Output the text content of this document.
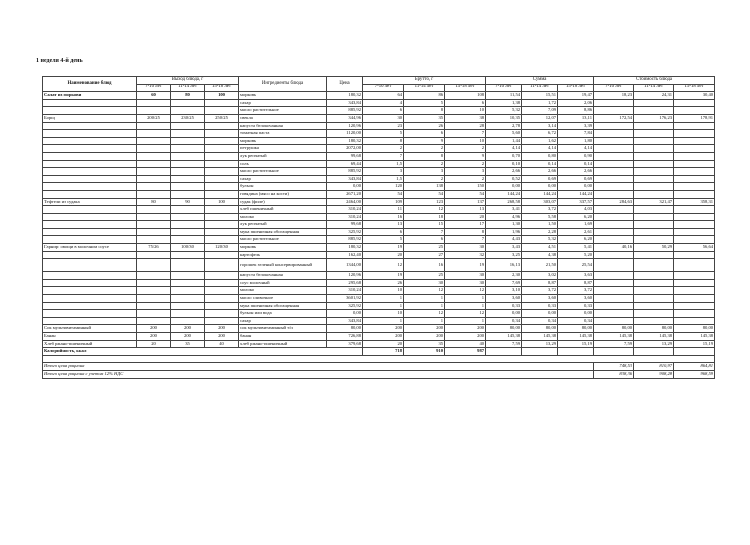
1 неделя 4-й день
Наименование блюд	Выход блюда, г			Ингредиенты блюда	Цена	Брутто, г			Сумма			Стоимость блюда		
	7-10 лет	11-14 лет	15-18 лет			7-10 лет	11-14 лет	15-18 лет	7-10 лет	11-14 лет	15-18 лет	7-10 лет	11-14 лет	15-18 лет
Салат из моркови	60	80	100	морковь	180,32	64	86	108	11,54	15,51	19,47	18,23	24,31	30,40
				сахар	343,84	4	5	6	1,38	1,72	2,06			
				масло растительное	885,92	6	8	10	5,32	7,09	8,86			
Борщ	200/25	230/25	250/25	свекла	344,96	30	35	38	10,35	12,07	13,11	172,54	176,23	178,91
				капуста белокочанная	120,96	23	26	28	2,78	3,14	3,39			
				томатная паста	1120,00	5	6	7	5,60	6,72	7,84			
				морковь	180,32	8	9	10	1,44	1,62	1,80			
				петрушка	2072,00	2	2	2	4,14	4,14	4,14			
				лук репчатый	99,68	7	8	9	0,70	0,80	0,90			
				соль	69,44	1,5	2	2	0,10	0,14	0,14			
				масло растительное	885,92	3	3	3	2,66	2,66	2,66			
				сахар	343,84	1,5	2	2	0,52	0,69	0,69			
				бульон	0,00	120	138	150	0,00	0,00	0,00			
				говядина (мясо на кости)	2671,20	54	54	54	144,24	144,24	144,24			
Тефтели из судака	80	90	100	судак (филе)	2464,00	109	123	137	268,58	303,07	337,57	284,63	321,47	358,31
				хлеб пшеничный	310,24	11	12	13	3,41	3,72	4,03			
				молоко	310,24	16	18	20	4,96	5,58	6,20			
				лук репчатый	99,68	13	15	17	1,30	1,50	1,69			
				мука пшеничная обогащенная	325,92	6	7	8	1,96	2,28	2,61			
				масло растительное	885,92	5	6	7	4,43	5,32	6,20			
Гарнир: овощи в молочном соусе	75/26	100/30	120/30	морковь	180,32	19	25	30	3,43	4,51	5,41	40,16	50,29	56,64
				картофель	162,40	20	27	32	3,25	4,38	5,20			
				горошек зеленый консервированный	1344,00	12	16	19	16,13	21,50	25,54			
				капуста белокочанная	120,96	19	25	30	2,30	3,02	3,63			
				соус молочный	295,68	26	30	30	7,69	8,87	8,87			
				молоко	310,24	10	12	12	3,10	3,72	3,72			
				масло сливочное	3601,92	1	1	1	3,60	3,60	3,60			
				мука пшеничная обогащенная	325,92	1	1	1	0,33	0,33	0,33			
				бульон или вода	0,00	10	12	12	0,00	0,00	0,00			
				сахар	343,84	1	1	1	0,34	0,34	0,34			
Сок мультивитаминный	200	200	200	сок мультивитаминный т/п	80,00	200	200	200	80,00	80,00	80,00	80,00	80,00	80,00
Банан	200	200	200	банан	726,88	200	200	200	145,38	145,38	145,38	145,38	145,38	145,38
Хлеб ржано-пшеничный	20	35	40	хлеб ржано-пшеничный	379,68	20	35	40	7,59	13,29	15,19	7,59	13,29	15,19
Калорийность, ккал						718	910	987						

Итого цена рациона												748,53	810,97	864,81
Итого цена рациона с учетом 12% НДС												838,36	908,28	968,59
